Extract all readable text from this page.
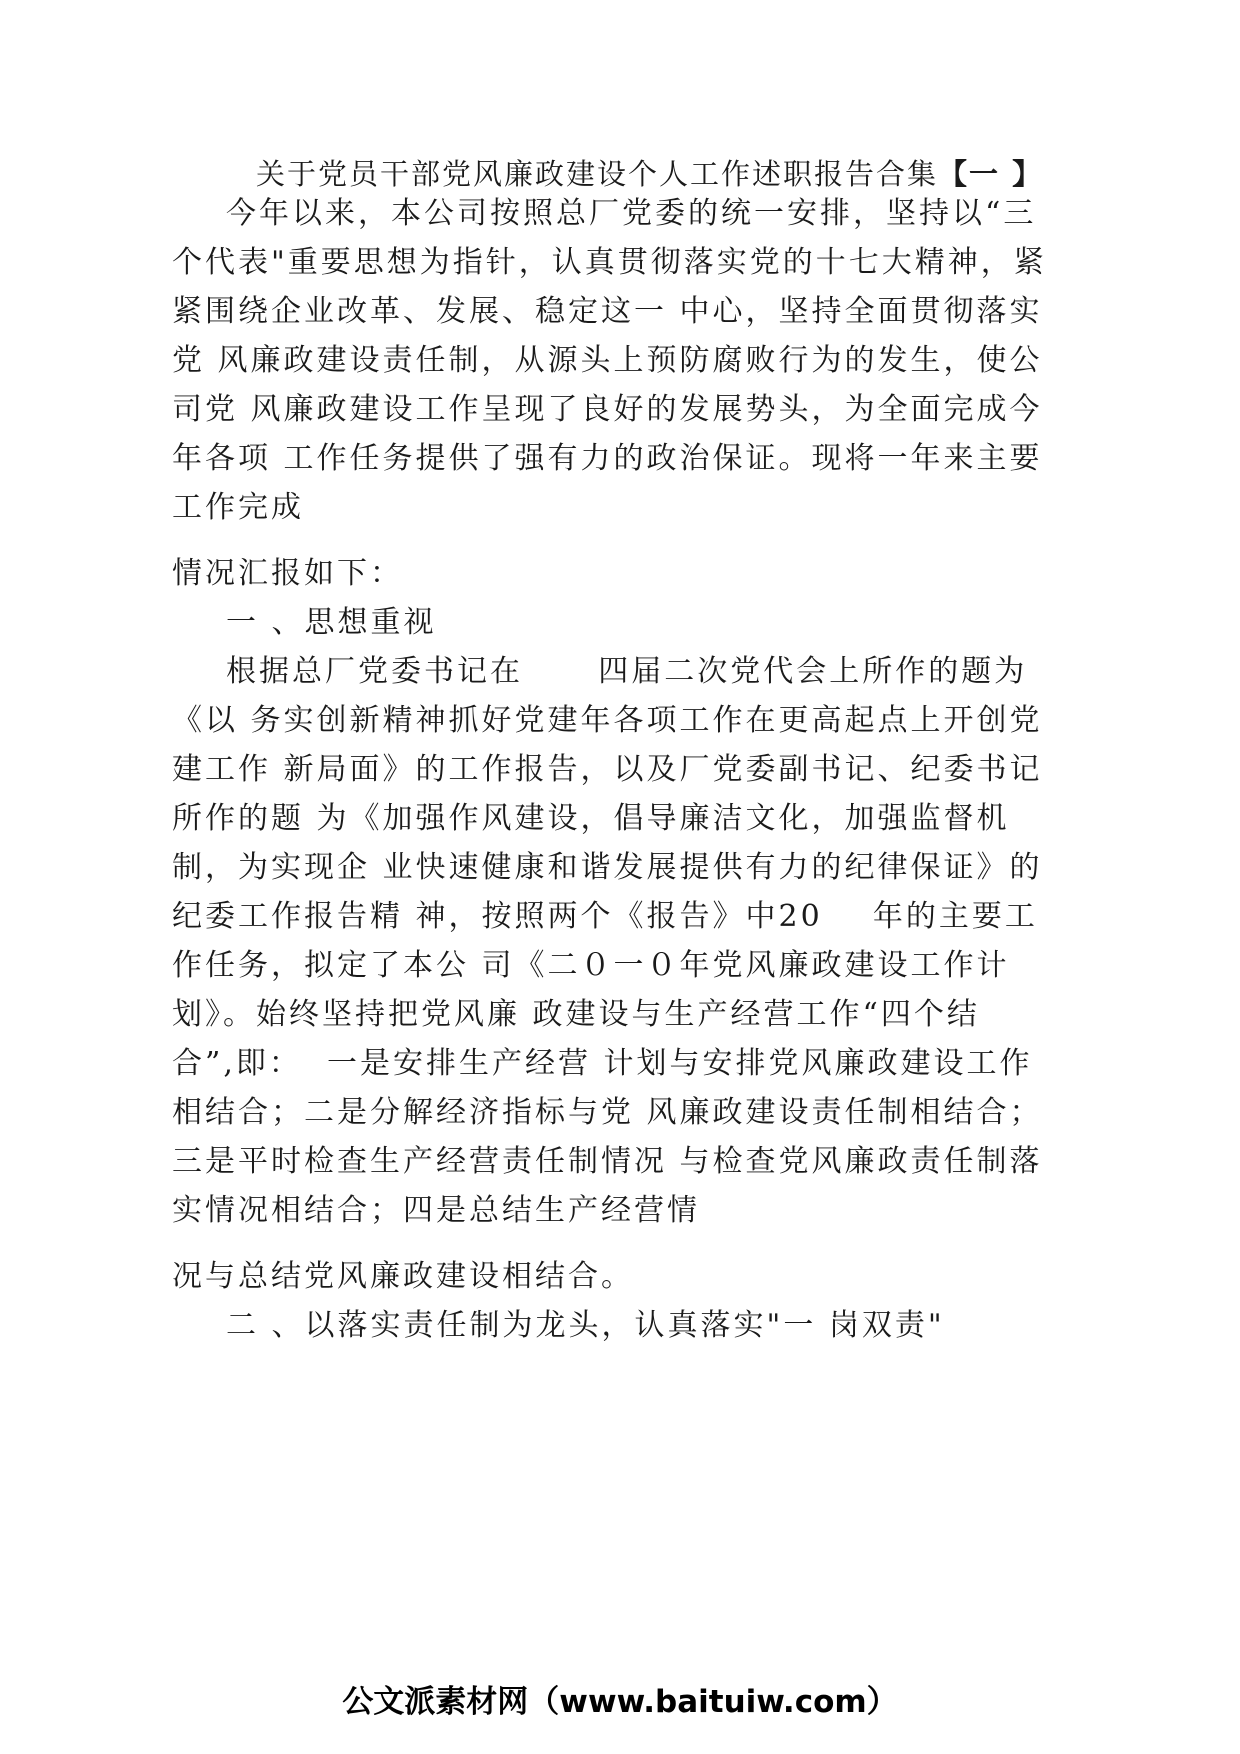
关于党员干部党风廉政建设个人工作述职报告合集【一 】
今年以来，本公司按照总厂党委的统一安排，坚持以“三
个代表"重要思想为指针，认真贯彻落实党的十七大精神，紧
紧围绕企业改革、发展、稳定这一 中心，坚持全面贯彻落实
党 风廉政建设责任制，从源头上预防腐败行为的发生，使公
司党 风廉政建设工作呈现了良好的发展势头，为全面完成今
年各项 工作任务提供了强有力的政治保证。现将一年来主要
工作完成
情况汇报如下：
一 、思想重视
根据总厂党委书记在      四届二次党代会上所作的题为
《以 务实创新精神抓好党建年各项工作在更高起点上开创党
建工作 新局面》的工作报告，以及厂党委副书记、纪委书记
所作的题 为《加强作风建设，倡导廉洁文化，加强监督机
制，为实现企 业快速健康和谐发展提供有力的纪律保证》的
纪委工作报告精 神，按照两个《报告》中20    年的主要工
作任务，拟定了本公 司《二０一０年党风廉政建设工作计
划》。始终坚持把党风廉 政建设与生产经营工作“四个结
合”,即：  一是安排生产经营 计划与安排党风廉政建设工作
相结合；二是分解经济指标与党 风廉政建设责任制相结合；
三是平时检查生产经营责任制情况 与检查党风廉政责任制落
实情况相结合；四是总结生产经营情
况与总结党风廉政建设相结合。
二 、以落实责任制为龙头，认真落实"一 岗双责"
公文派素材网（www.baituiw.com）
